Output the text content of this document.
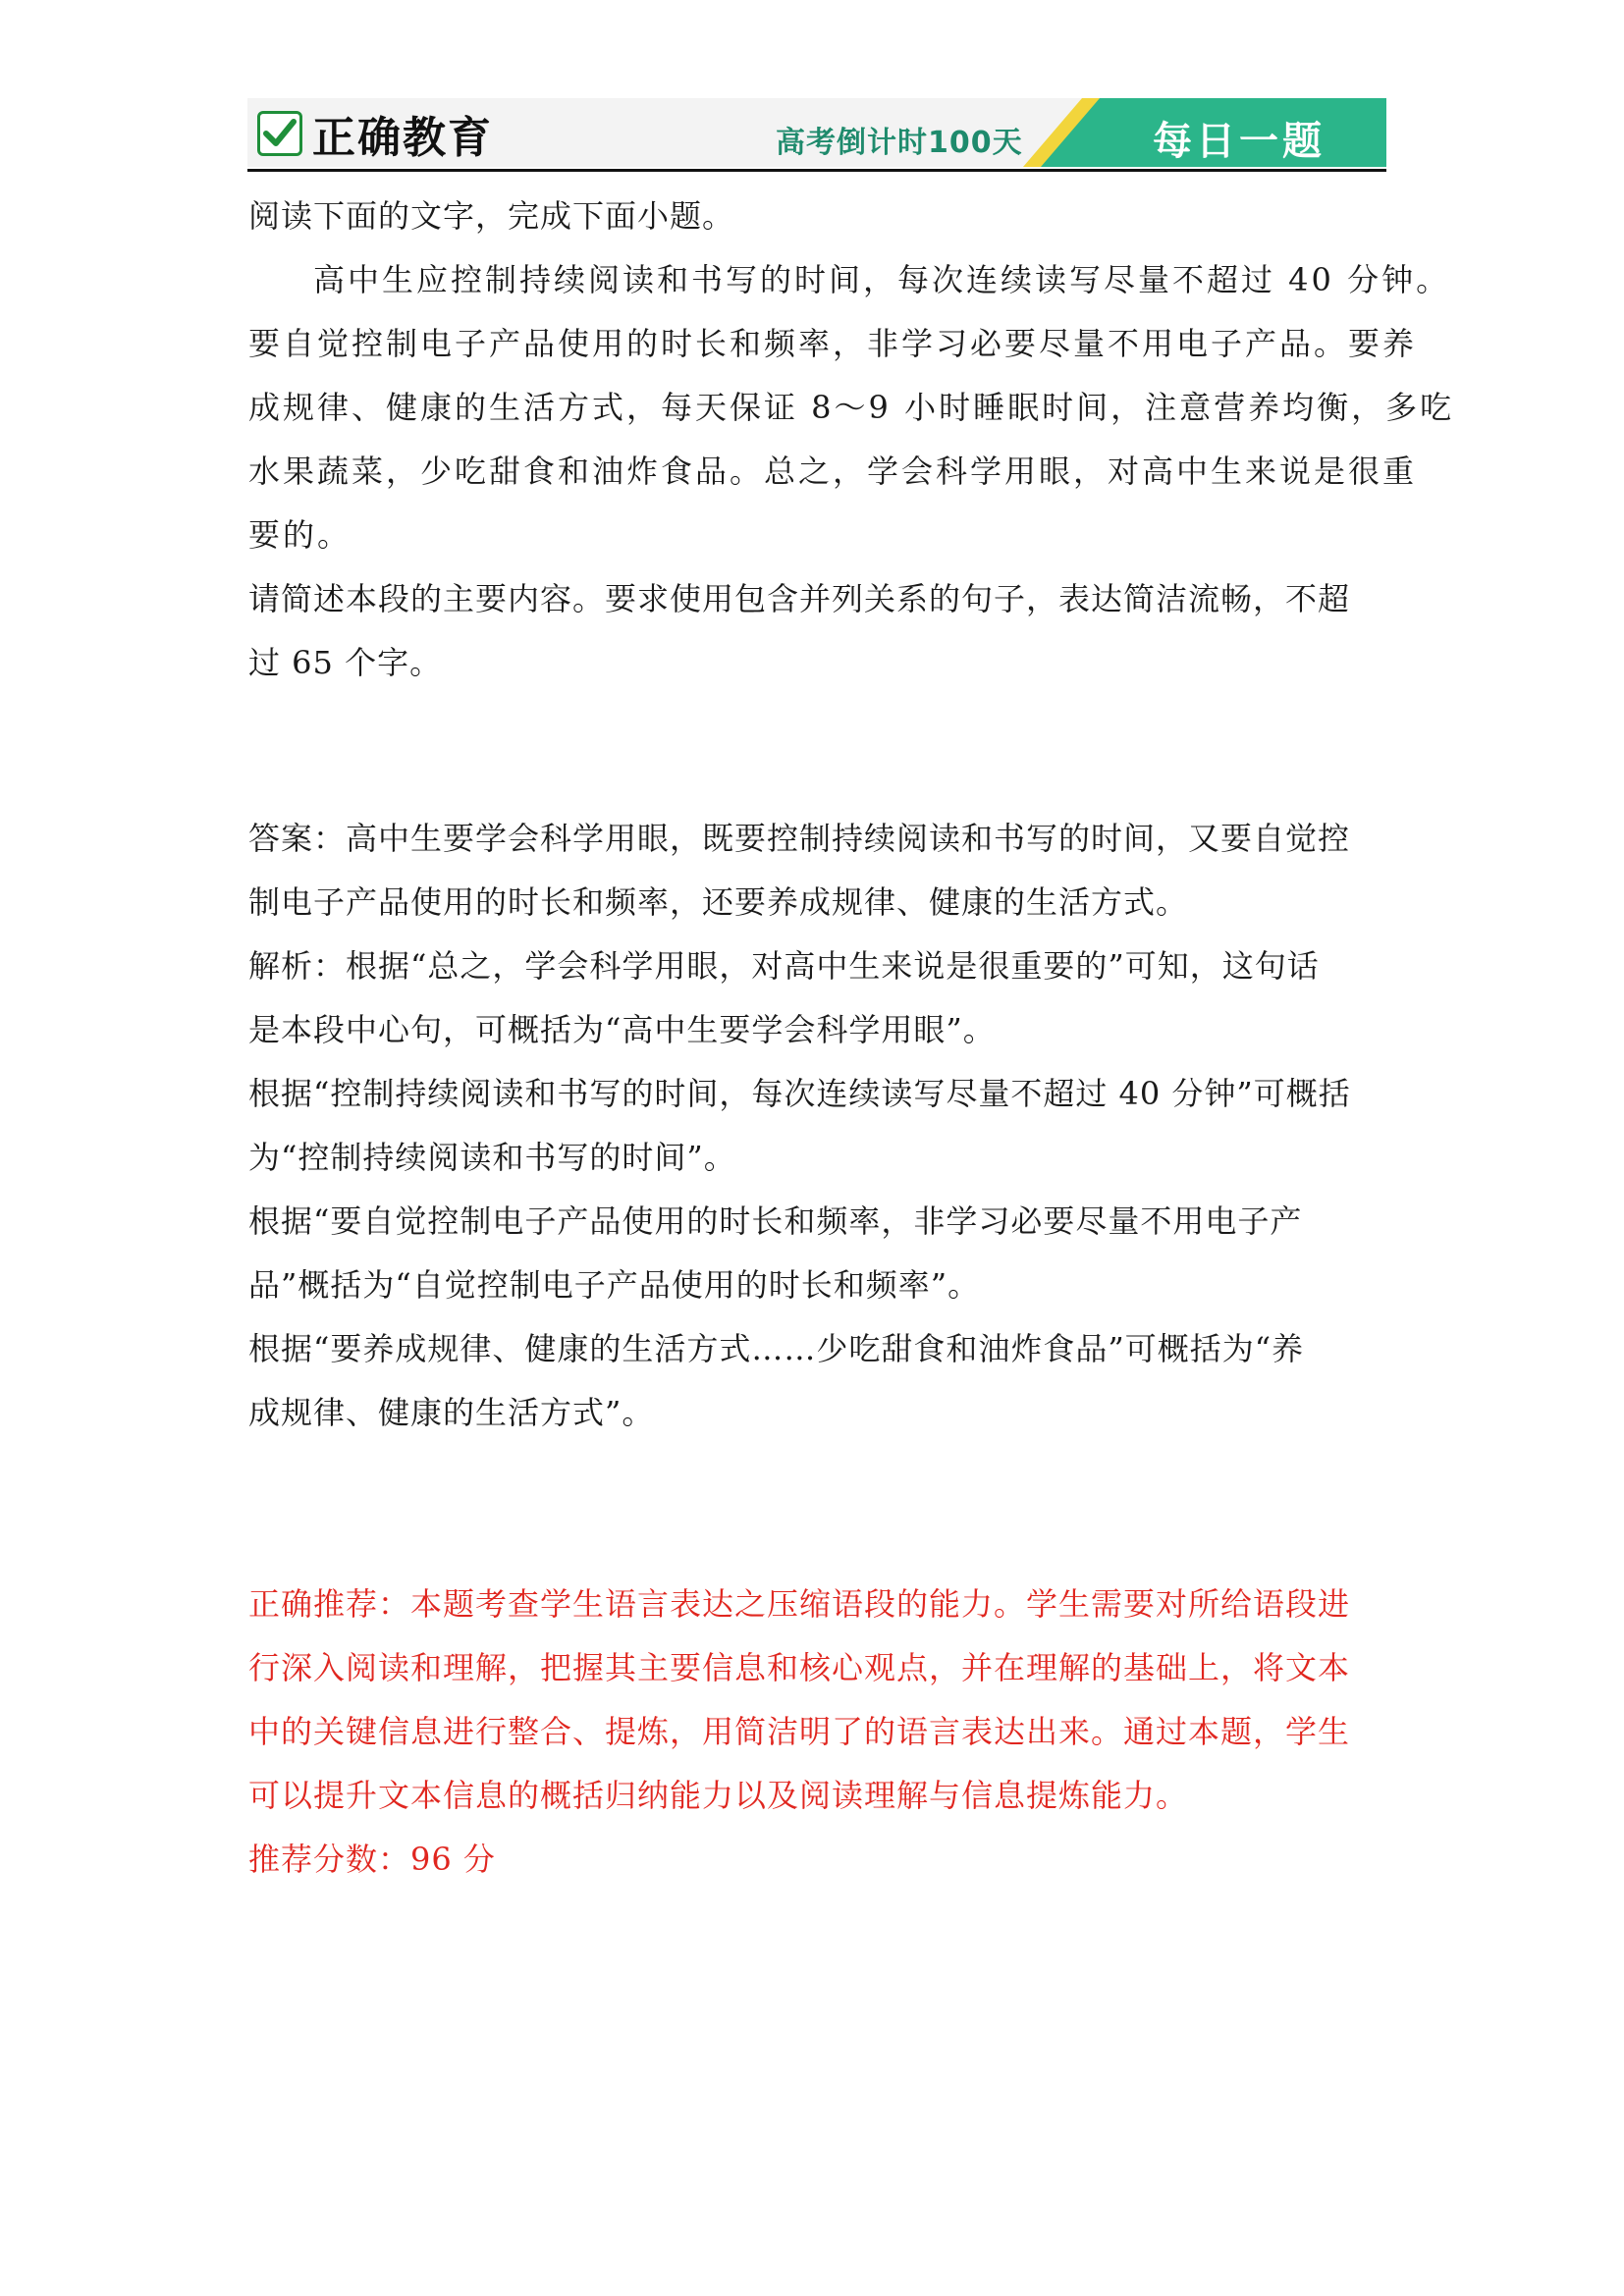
正确教育	高考倒计时100天	每日一题
阅读下面的文字，完成下面小题。
高中生应控制持续阅读和书写的时间，每次连续读写尽量不超过 40 分钟。
要自觉控制电子产品使用的时长和频率，非学习必要尽量不用电子产品。要养
成规律、健康的生活方式，每天保证 8～9 小时睡眠时间，注意营养均衡，多吃
水果蔬菜，少吃甜食和油炸食品。总之，学会科学用眼，对高中生来说是很重
要的。
请简述本段的主要内容。要求使用包含并列关系的句子，表达简洁流畅，不超
过 65 个字。
答案：高中生要学会科学用眼，既要控制持续阅读和书写的时间，又要自觉控
制电子产品使用的时长和频率，还要养成规律、健康的生活方式。
解析：根据“总之，学会科学用眼，对高中生来说是很重要的”可知，这句话
是本段中心句，可概括为“高中生要学会科学用眼”。
根据“控制持续阅读和书写的时间，每次连续读写尽量不超过 40 分钟”可概括
为“控制持续阅读和书写的时间”。
根据“要自觉控制电子产品使用的时长和频率，非学习必要尽量不用电子产
品”概括为“自觉控制电子产品使用的时长和频率”。
根据“要养成规律、健康的生活方式……少吃甜食和油炸食品”可概括为“养
成规律、健康的生活方式”。
正确推荐：本题考查学生语言表达之压缩语段的能力。学生需要对所给语段进
行深入阅读和理解，把握其主要信息和核心观点，并在理解的基础上，将文本
中的关键信息进行整合、提炼，用简洁明了的语言表达出来。通过本题，学生
可以提升文本信息的概括归纳能力以及阅读理解与信息提炼能力。
推荐分数：96 分
